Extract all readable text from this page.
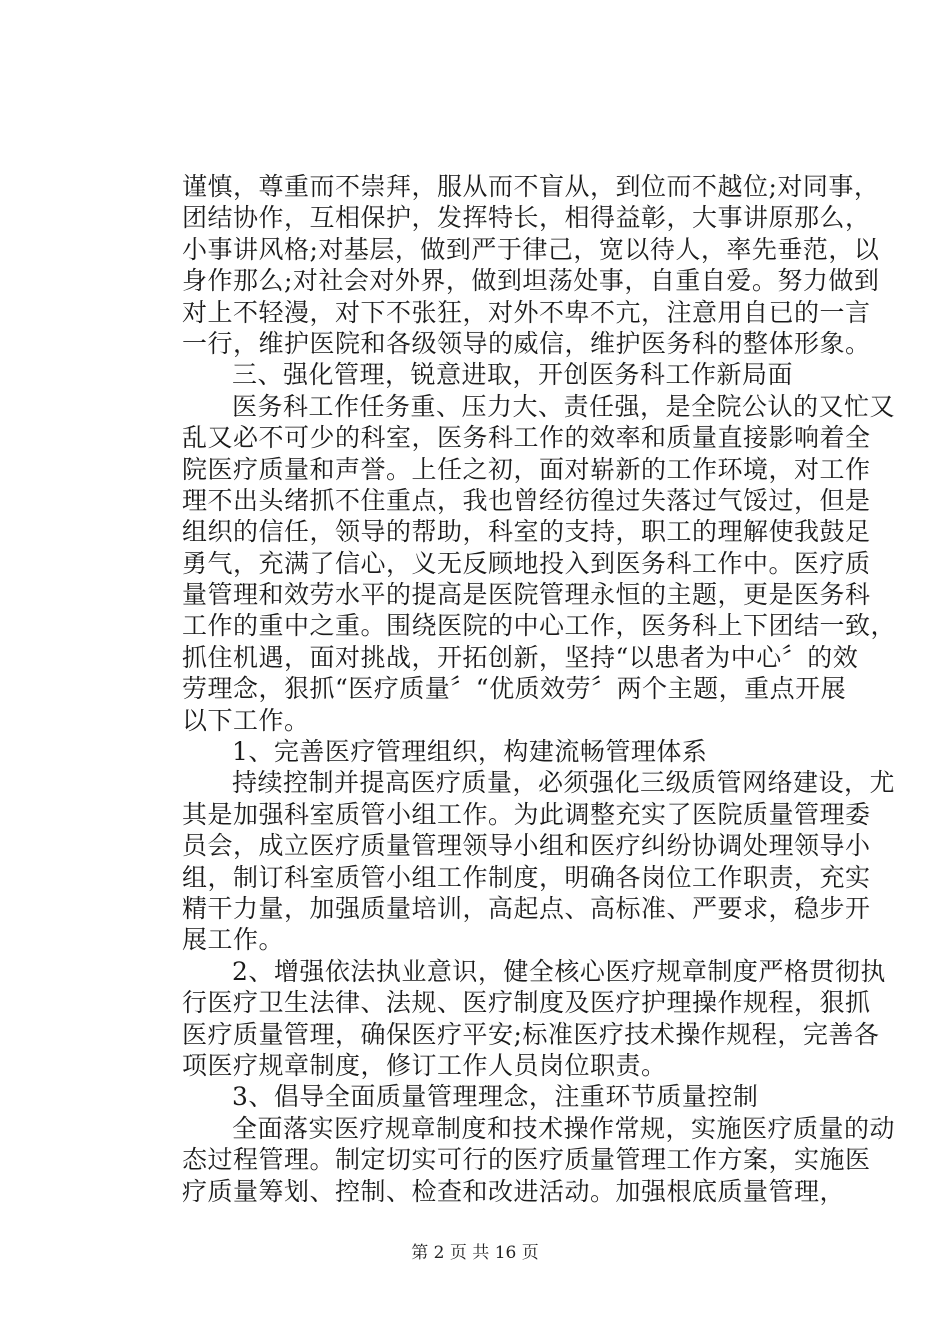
谨慎，尊重而不崇拜，服从而不盲从，到位而不越位;对同事，
团结协作，互相保护，发挥特长，相得益彰，大事讲原那么，
小事讲风格;对基层，做到严于律己，宽以待人，率先垂范，以
身作那么;对社会对外界，做到坦荡处事，自重自爱。努力做到
对上不轻漫，对下不张狂，对外不卑不亢，注意用自已的一言
一行，维护医院和各级领导的威信，维护医务科的整体形象。
三、强化管理，锐意进取，开创医务科工作新局面
医务科工作任务重、压力大、责任强，是全院公认的又忙又
乱又必不可少的科室，医务科工作的效率和质量直接影响着全
院医疗质量和声誉。上任之初，面对崭新的工作环境，对工作
理不出头绪抓不住重点，我也曾经彷徨过失落过气馁过，但是
组织的信任，领导的帮助，科室的支持，职工的理解使我鼓足
勇气，充满了信心，义无反顾地投入到医务科工作中。医疗质
量管理和效劳水平的提高是医院管理永恒的主题，更是医务科
工作的重中之重。围绕医院的中心工作，医务科上下团结一致，
抓住机遇，面对挑战，开拓创新，坚持“以患者为中心〞的效
劳理念，狠抓“医疗质量〞“优质效劳〞两个主题，重点开展
以下工作。
1、完善医疗管理组织，构建流畅管理体系
持续控制并提高医疗质量，必须强化三级质管网络建设，尤
其是加强科室质管小组工作。为此调整充实了医院质量管理委
员会，成立医疗质量管理领导小组和医疗纠纷协调处理领导小
组，制订科室质管小组工作制度，明确各岗位工作职责，充实
精干力量，加强质量培训，高起点、高标准、严要求，稳步开
展工作。
2、增强依法执业意识，健全核心医疗规章制度严格贯彻执
行医疗卫生法律、法规、医疗制度及医疗护理操作规程，狠抓
医疗质量管理，确保医疗平安;标准医疗技术操作规程，完善各
项医疗规章制度，修订工作人员岗位职责。
3、倡导全面质量管理理念，注重环节质量控制
全面落实医疗规章制度和技术操作常规，实施医疗质量的动
态过程管理。制定切实可行的医疗质量管理工作方案，实施医
疗质量筹划、控制、检查和改进活动。加强根底质量管理，
第 2 页 共 16 页
